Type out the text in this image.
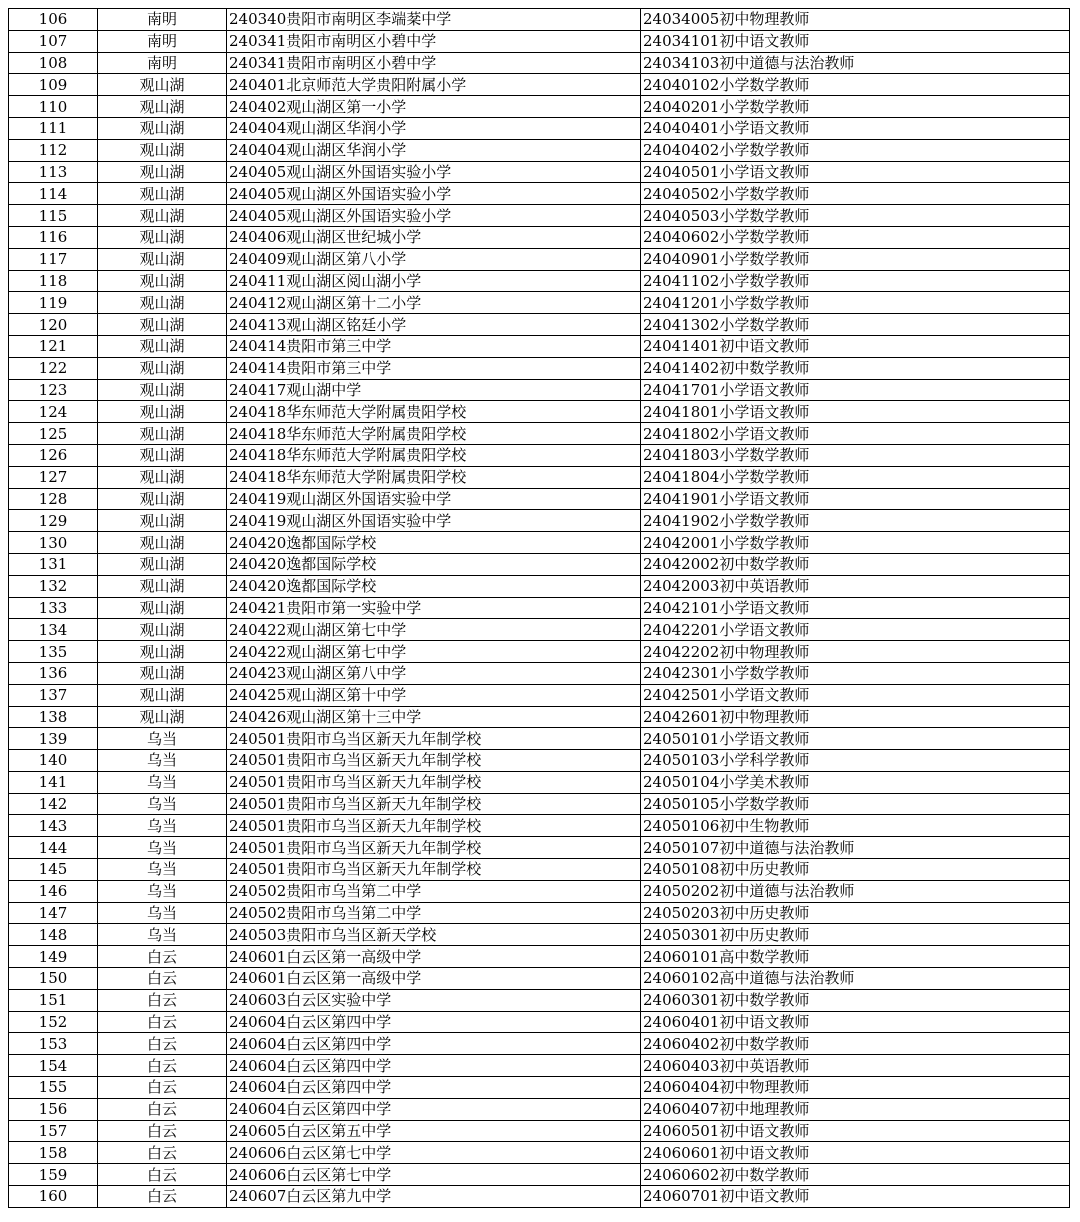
106	南明	240340贵阳市南明区李端棻中学	24034005初中物理教师
107	南明	240341贵阳市南明区小碧中学	24034101初中语文教师
108	南明	240341贵阳市南明区小碧中学	24034103初中道德与法治教师
109	观山湖	240401北京师范大学贵阳附属小学	24040102小学数学教师
110	观山湖	240402观山湖区第一小学	24040201小学数学教师
111	观山湖	240404观山湖区华润小学	24040401小学语文教师
112	观山湖	240404观山湖区华润小学	24040402小学数学教师
113	观山湖	240405观山湖区外国语实验小学	24040501小学语文教师
114	观山湖	240405观山湖区外国语实验小学	24040502小学数学教师
115	观山湖	240405观山湖区外国语实验小学	24040503小学数学教师
116	观山湖	240406观山湖区世纪城小学	24040602小学数学教师
117	观山湖	240409观山湖区第八小学	24040901小学数学教师
118	观山湖	240411观山湖区阅山湖小学	24041102小学数学教师
119	观山湖	240412观山湖区第十二小学	24041201小学数学教师
120	观山湖	240413观山湖区铭廷小学	24041302小学数学教师
121	观山湖	240414贵阳市第三中学	24041401初中语文教师
122	观山湖	240414贵阳市第三中学	24041402初中数学教师
123	观山湖	240417观山湖中学	24041701小学语文教师
124	观山湖	240418华东师范大学附属贵阳学校	24041801小学语文教师
125	观山湖	240418华东师范大学附属贵阳学校	24041802小学语文教师
126	观山湖	240418华东师范大学附属贵阳学校	24041803小学数学教师
127	观山湖	240418华东师范大学附属贵阳学校	24041804小学数学教师
128	观山湖	240419观山湖区外国语实验中学	24041901小学语文教师
129	观山湖	240419观山湖区外国语实验中学	24041902小学数学教师
130	观山湖	240420逸都国际学校	24042001小学数学教师
131	观山湖	240420逸都国际学校	24042002初中数学教师
132	观山湖	240420逸都国际学校	24042003初中英语教师
133	观山湖	240421贵阳市第一实验中学	24042101小学语文教师
134	观山湖	240422观山湖区第七中学	24042201小学语文教师
135	观山湖	240422观山湖区第七中学	24042202初中物理教师
136	观山湖	240423观山湖区第八中学	24042301小学数学教师
137	观山湖	240425观山湖区第十中学	24042501小学语文教师
138	观山湖	240426观山湖区第十三中学	24042601初中物理教师
139	乌当	240501贵阳市乌当区新天九年制学校	24050101小学语文教师
140	乌当	240501贵阳市乌当区新天九年制学校	24050103小学科学教师
141	乌当	240501贵阳市乌当区新天九年制学校	24050104小学美术教师
142	乌当	240501贵阳市乌当区新天九年制学校	24050105小学数学教师
143	乌当	240501贵阳市乌当区新天九年制学校	24050106初中生物教师
144	乌当	240501贵阳市乌当区新天九年制学校	24050107初中道德与法治教师
145	乌当	240501贵阳市乌当区新天九年制学校	24050108初中历史教师
146	乌当	240502贵阳市乌当第二中学	24050202初中道德与法治教师
147	乌当	240502贵阳市乌当第二中学	24050203初中历史教师
148	乌当	240503贵阳市乌当区新天学校	24050301初中历史教师
149	白云	240601白云区第一高级中学	24060101高中数学教师
150	白云	240601白云区第一高级中学	24060102高中道德与法治教师
151	白云	240603白云区实验中学	24060301初中数学教师
152	白云	240604白云区第四中学	24060401初中语文教师
153	白云	240604白云区第四中学	24060402初中数学教师
154	白云	240604白云区第四中学	24060403初中英语教师
155	白云	240604白云区第四中学	24060404初中物理教师
156	白云	240604白云区第四中学	24060407初中地理教师
157	白云	240605白云区第五中学	24060501初中语文教师
158	白云	240606白云区第七中学	24060601初中语文教师
159	白云	240606白云区第七中学	24060602初中数学教师
160	白云	240607白云区第九中学	24060701初中语文教师
